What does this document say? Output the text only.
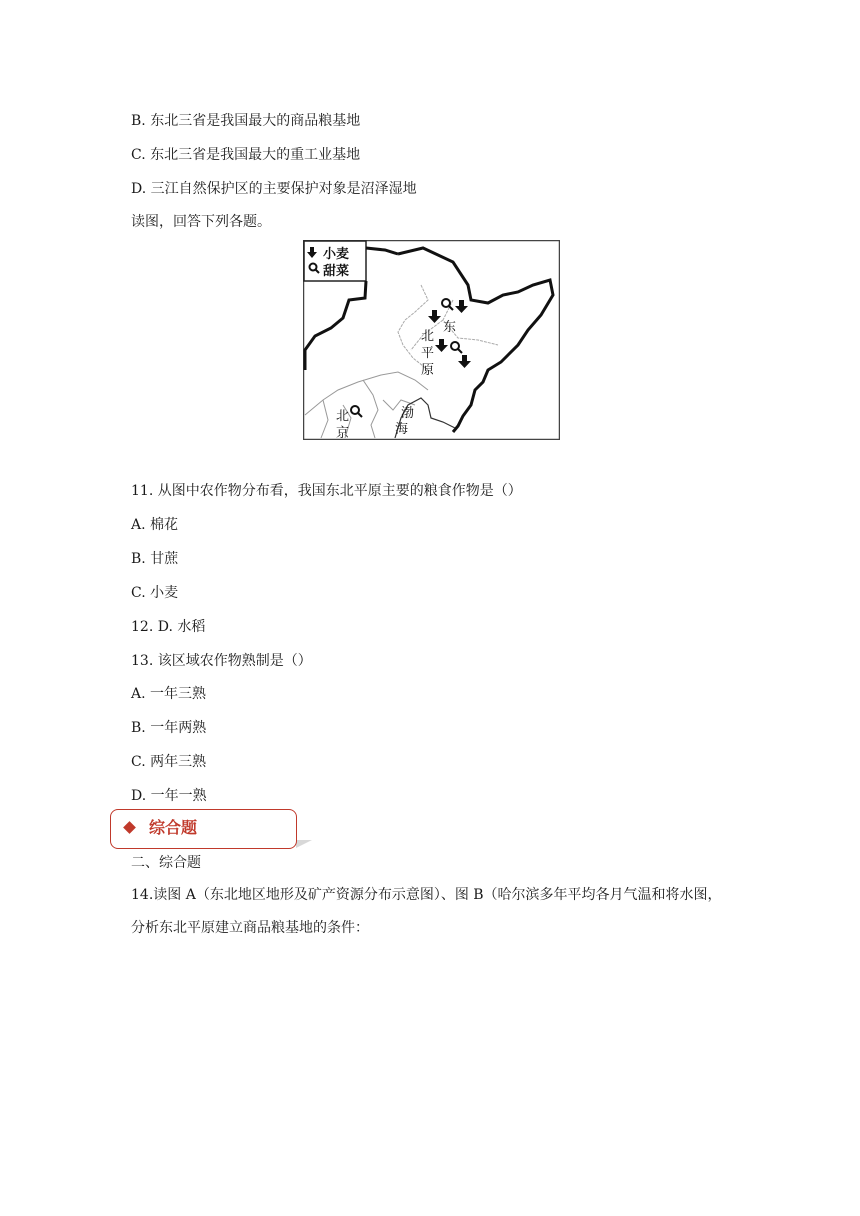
B. 东北三省是我国最大的商品粮基地
C. 东北三省是我国最大的重工业基地
D. 三江自然保护区的主要保护对象是沼泽湿地
读图，回答下列各题。
小麦
甜菜
东
北
平
原
北
京
渤
海
11. 从图中农作物分布看，我国东北平原主要的粮食作物是（）
A. 棉花
B. 甘蔗
C. 小麦
12. D. 水稻
13. 该区域农作物熟制是（）
A. 一年三熟
B. 一年两熟
C. 两年三熟
D. 一年一熟
综合题
二、综合题
14.读图 A（东北地区地形及矿产资源分布示意图）、图 B（哈尔滨多年平均各月气温和将水图，分析东北平原建立商品粮基地的条件：
